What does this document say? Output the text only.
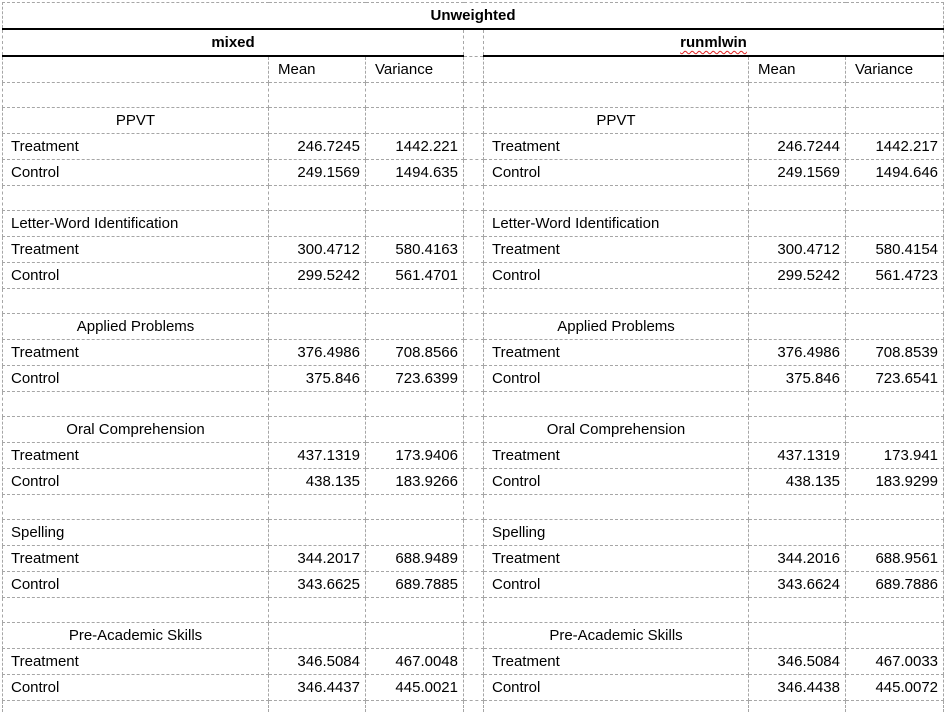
Unweighted						
mixed				runmlwin		
	Mean	Variance			Mean	Variance

PPVT				PPVT		
Treatment	246.7245	1442.221		Treatment	246.7244	1442.217
Control	249.1569	1494.635		Control	249.1569	1494.646

Letter-Word Identification				Letter-Word Identification		
Treatment	300.4712	580.4163		Treatment	300.4712	580.4154
Control	299.5242	561.4701		Control	299.5242	561.4723

Applied Problems				Applied Problems		
Treatment	376.4986	708.8566		Treatment	376.4986	708.8539
Control	375.846	723.6399		Control	375.846	723.6541

Oral Comprehension				Oral Comprehension		
Treatment	437.1319	173.9406		Treatment	437.1319	173.941
Control	438.135	183.9266		Control	438.135	183.9299

Spelling				Spelling		
Treatment	344.2017	688.9489		Treatment	344.2016	688.9561
Control	343.6625	689.7885		Control	343.6624	689.7886

Pre-Academic Skills				Pre-Academic Skills		
Treatment	346.5084	467.0048		Treatment	346.5084	467.0033
Control	346.4437	445.0021		Control	346.4438	445.0072
